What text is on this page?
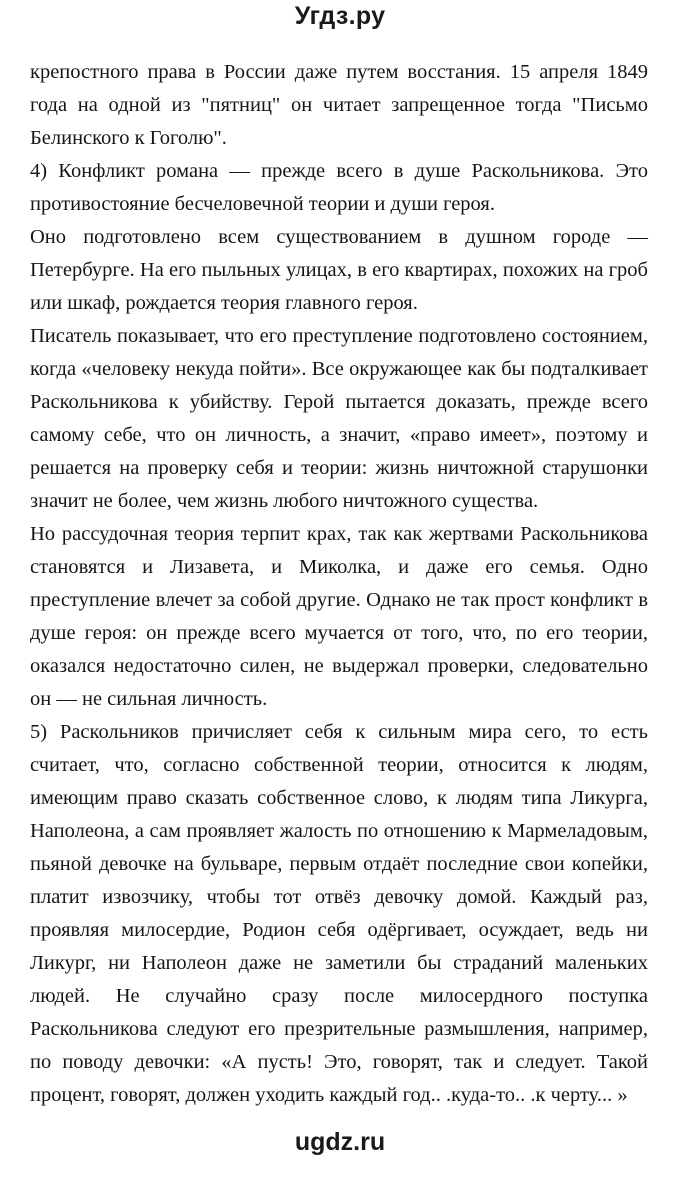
Угдз.ру
крепостного права в России даже путем восстания. 15 апреля 1849
года на одной из "пятниц" он читает запрещенное тогда "Письмо
Белинского к Гоголю".
4) Конфликт романа — прежде всего в душе Раскольникова. Это
противостояние бесчеловечной теории и души героя.
Оно подготовлено всем существованием в душном городе —
Петербурге. На его пыльных улицах, в его квартирах, похожих на гроб
или шкаф, рождается теория главного героя.
Писатель показывает, что его преступление подготовлено состоянием,
когда «человеку некуда пойти». Все окружающее как бы подталкивает
Раскольникова к убийству. Герой пытается доказать, прежде всего
самому себе, что он личность, а значит, «право имеет», поэтому и
решается на проверку себя и теории: жизнь ничтожной старушонки
значит не более, чем жизнь любого ничтожного существа.
Но рассудочная теория терпит крах, так как жертвами Раскольникова
становятся и Лизавета, и Миколка, и даже его семья. Одно
преступление влечет за собой другие. Однако не так прост конфликт в
душе героя: он прежде всего мучается от того, что, по его теории,
оказался недостаточно силен, не выдержал проверки, следовательно
он — не сильная личность.
5) Раскольников причисляет себя к сильным мира сего, то есть
считает, что, согласно собственной теории, относится к людям,
имеющим право сказать собственное слово, к людям типа Ликурга,
Наполеона, а сам проявляет жалость по отношению к Мармеладовым,
пьяной девочке на бульваре, первым отдаёт последние свои копейки,
платит извозчику, чтобы тот отвёз девочку домой. Каждый раз,
проявляя милосердие, Родион себя одёргивает, осуждает, ведь ни
Ликург, ни Наполеон даже не заметили бы страданий маленьких
людей. Не случайно сразу после милосердного поступка
Раскольникова следуют его презрительные размышления, например,
по поводу девочки: «А пусть! Это, говорят, так и следует. Такой
процент, говорят, должен уходить каждый год.. .куда-то.. .к черту... »
ugdz.ru
